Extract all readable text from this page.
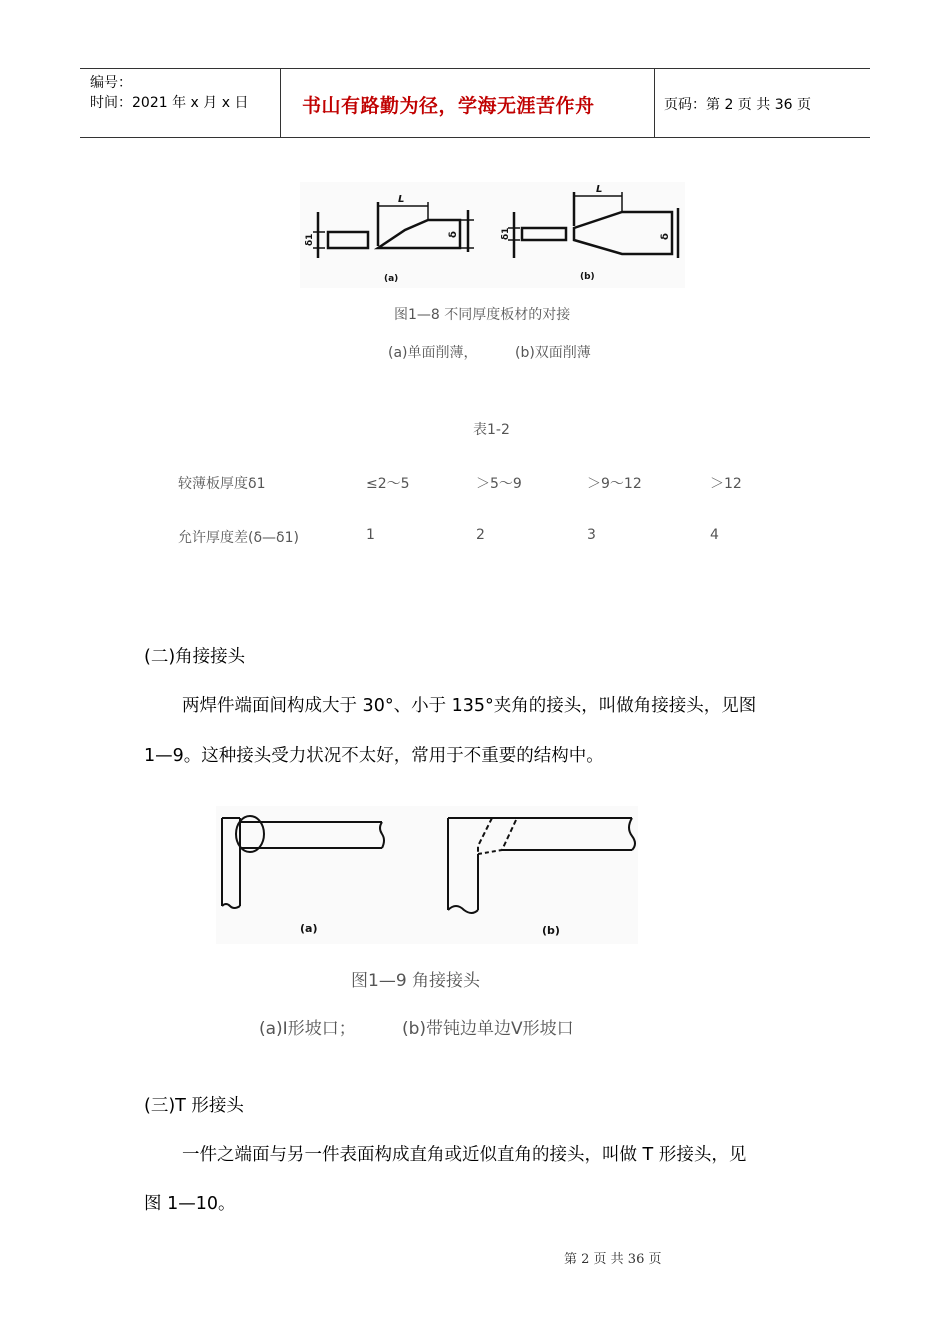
编号：
时间：2021 年 x 月 x 日	书山有路勤为径，学海无涯苦作舟	页码：第 2 页 共 36 页
L
δ
δ1
(a)
L
δ
δ1
(b)
图1—8 不同厚度板材的对接
(a)单面削薄，	(b)双面削薄
表1-2
较薄板厚度δ1	≤2～5	＞5～9	＞9～12	＞12
允许厚度差(δ—δ1)	1	2	3	4
(二)角接接头
两焊件端面间构成大于 30°、小于 135°夹角的接头，叫做角接接头，见图
1—9。这种接头受力状况不太好，常用于不重要的结构中。
(a)	(b)
图1—9 角接接头
(a)I形坡口；	(b)带钝边单边V形坡口
(三)T 形接头
一件之端面与另一件表面构成直角或近似直角的接头，叫做 T 形接头，见
图 1—10。
第 2 页 共 36 页
